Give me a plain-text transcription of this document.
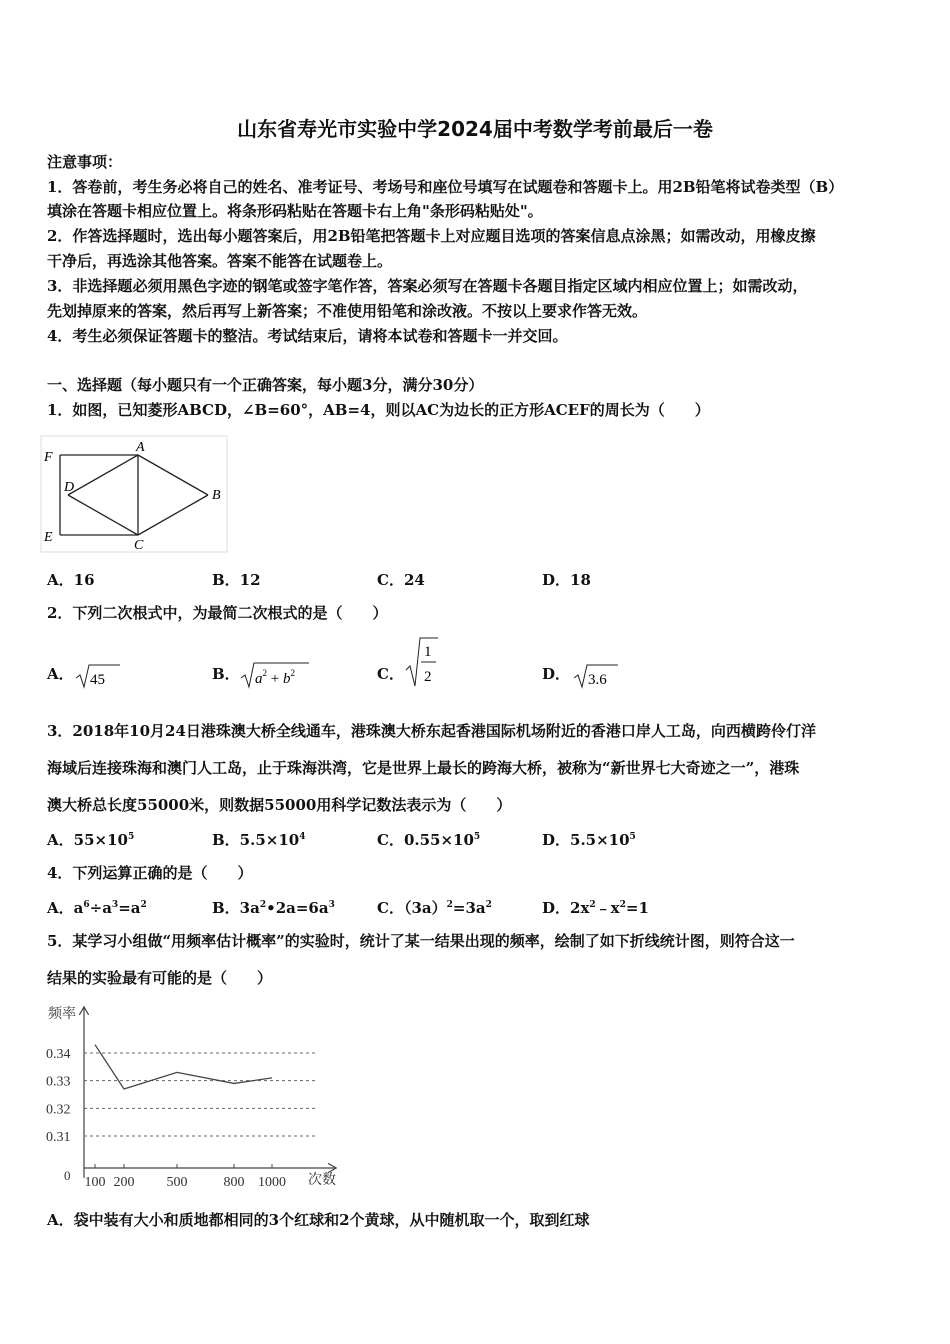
山东省寿光市实验中学2024届中考数学考前最后一卷
注意事项：
1．答卷前，考生务必将自己的姓名、准考证号、考场号和座位号填写在试题卷和答题卡上。用2B铅笔将试卷类型（B）
填涂在答题卡相应位置上。将条形码粘贴在答题卡右上角"条形码粘贴处"。
2．作答选择题时，选出每小题答案后，用2B铅笔把答题卡上对应题目选项的答案信息点涂黑；如需改动，用橡皮擦
干净后，再选涂其他答案。答案不能答在试题卷上。
3．非选择题必须用黑色字迹的钢笔或签字笔作答，答案必须写在答题卡各题目指定区域内相应位置上；如需改动，
先划掉原来的答案，然后再写上新答案；不准使用铅笔和涂改液。不按以上要求作答无效。
4．考生必须保证答题卡的整洁。考试结束后，请将本试卷和答题卡一并交回。
一、选择题（每小题只有一个正确答案，每小题3分，满分30分）
1．如图，已知菱形ABCD，∠B=60°，AB=4，则以AC为边长的正方形ACEF的周长为（　　）
A
B
C
D
E
F
A．16	B．12	C．24	D．18
2．下列二次根式中，为最简二次根式的是（　　）
A． 45	B． $a^2 + b^2$	C．
1
2	D． 3.6
3．2018年10月24日港珠澳大桥全线通车，港珠澳大桥东起香港国际机场附近的香港口岸人工岛，向西横跨伶仃洋
海域后连接珠海和澳门人工岛，止于珠海洪湾，它是世界上最长的跨海大桥，被称为“新世界七大奇迹之一”，港珠
澳大桥总长度55000米，则数据55000用科学记数法表示为（　　）
A．$55\times 10^5$	B．$5.5\times 10^4$	C．$0.55\times 10^5$	D．$5.5\times 10^5$
4．下列运算正确的是（　　）
A．$a^6\div a^3=a^2$	B．$3a^2•2a=6a^3$	C．$(3a)^2=3a^2$	D．$2x^2﹣x^2=1$
5．某学习小组做“用频率估计概率”的实验时，统计了某一结果出现的频率，绘制了如下折线统计图，则符合这一
结果的实验最有可能的是（　　）
0.34
0.33
0.32
0.31
100 200 500	800 1000
频率
次数
0
A．袋中装有大小和质地都相同的3个红球和2个黄球，从中随机取一个，取到红球
